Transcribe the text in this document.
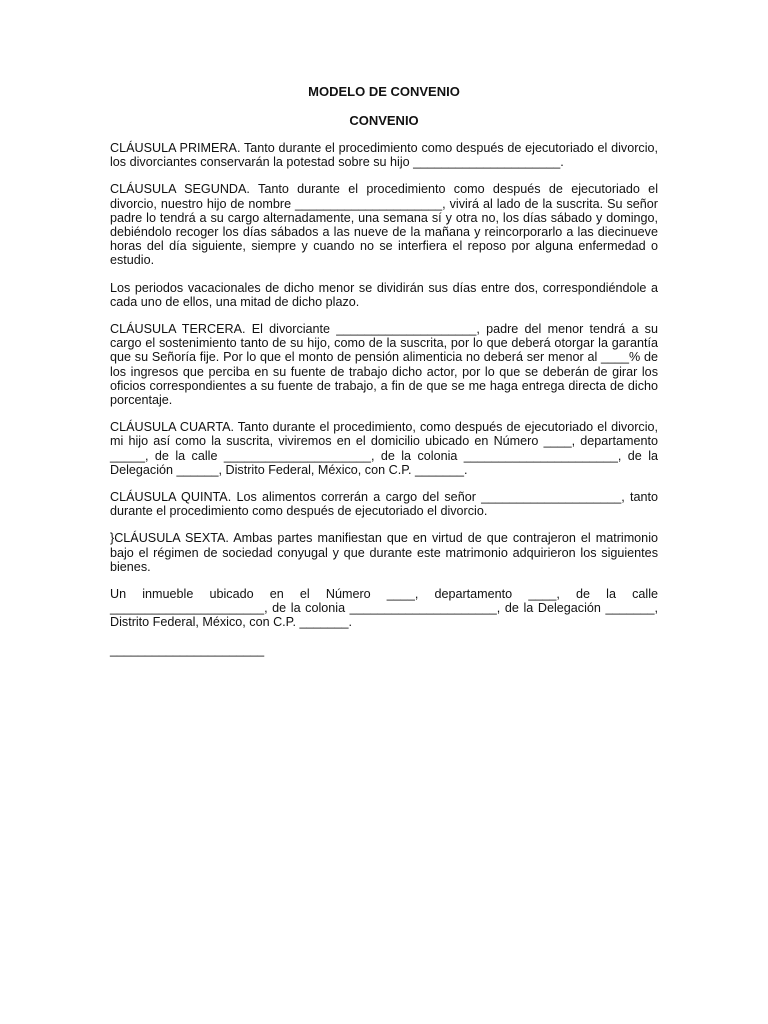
MODELO DE CONVENIO
CONVENIO

CLÁUSULA PRIMERA. Tanto durante el procedimiento como después de ejecutoriado el divorcio, los divorciantes conservarán la potestad sobre su hijo _____________________.

CLÁUSULA SEGUNDA. Tanto durante el procedimiento como después de ejecutoriado el divorcio, nuestro hijo de nombre _____________________, vivirá al lado de la suscrita. Su señor padre lo tendrá a su cargo alternadamente, una semana sí y otra no, los días sábado y domingo, debiéndolo recoger los días sábados a las nueve de la mañana y reincorporarlo a las diecinueve horas del día siguiente, siempre y cuando no se interfiera el reposo por alguna enfermedad o estudio.

Los periodos vacacionales de dicho menor se dividirán sus días entre dos, correspondiéndole a cada uno de ellos, una mitad de dicho plazo.

CLÁUSULA TERCERA. El divorciante ____________________, padre del menor tendrá a su cargo el sostenimiento tanto de su hijo, como de la suscrita, por lo que deberá otorgar la garantía que su Señoría fije. Por lo que el monto de pensión alimenticia no deberá ser menor al ____% de los ingresos que perciba en su fuente de trabajo dicho actor, por lo que se deberán de girar los oficios correspondientes a su fuente de trabajo, a fin de que se me haga entrega directa de dicho porcentaje.

CLÁUSULA CUARTA. Tanto durante el procedimiento, como después de ejecutoriado el divorcio, mi hijo así como la suscrita, viviremos en el domicilio ubicado en Número ____, departamento _____, de la calle _____________________, de la colonia ______________________, de la Delegación ______, Distrito Federal, México, con C.P. _______.

CLÁUSULA QUINTA. Los alimentos correrán a cargo del señor ____________________, tanto durante el procedimiento como después de ejecutoriado el divorcio.

}CLÁUSULA SEXTA. Ambas partes manifiestan que en virtud de que contrajeron el matrimonio bajo el régimen de sociedad conyugal y que durante este matrimonio adquirieron los siguientes bienes.

Un inmueble ubicado en el Número ____, departamento ____, de la calle ______________________, de la colonia _____________________, de la Delegación _______, Distrito Federal, México, con C.P. _______.

______________________
